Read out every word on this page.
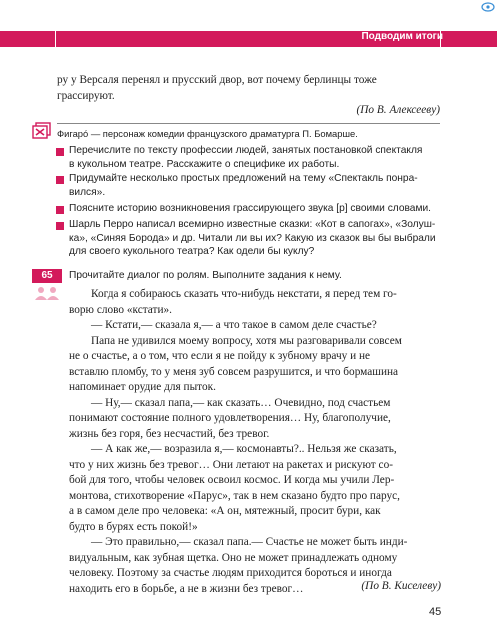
Подводим итоги
ру у Версаля перенял и прусский двор, вот почему берлинцы тоже
грассируют.
(По В. Алексееву)
Фигаро́ — персонаж комедии французского драматурга П. Бомарше.
Перечислите по тексту профессии людей, занятых постановкой спектакля
в кукольном театре. Расскажите о специфике их работы.
Придумайте несколько простых предложений на тему «Спектакль понра-
вился».
Поясните историю возникновения грассирующего звука [р] своими словами.
Шарль Перро написал всемирно известные сказки: «Кот в сапогах», «Золуш-
ка», «Синяя Борода» и др. Читали ли вы их? Какую из сказок вы бы выбрали
для своего кукольного театра? Как одели бы куклу?
65	Прочитайте диалог по ролям. Выполните задания к нему.
Когда я собираюсь сказать что-нибудь некстати, я перед тем го-
ворю слово «кстати».
— Кстати,— сказала я,— а что такое в самом деле счастье?
Папа не удивился моему вопросу, хотя мы разговаривали совсем
не о счастье, а о том, что если я не пойду к зубному врачу и не
вставлю пломбу, то у меня зуб совсем разрушится, и что бормашина
напоминает орудие для пыток.
— Ну,— сказал папа,— как сказать… Очевидно, под счастьем
понимают состояние полного удовлетворения… Ну, благополучие,
жизнь без горя, без несчастий, без тревог.
— А как же,— возразила я,— космонавты?.. Нельзя же сказать,
что у них жизнь без тревог… Они летают на ракетах и рискуют со-
бой для того, чтобы человек освоил космос. И когда мы учили Лер-
монтова, стихотворение «Парус», так в нем сказано будто про парус,
а в самом деле про человека: «А он, мятежный, просит бури, как
будто в бурях есть покой!»
— Это правильно,— сказал папа.— Счастье не может быть инди-
видуальным, как зубная щетка. Оно не может принадлежать одному
человеку. Поэтому за счастье людям приходится бороться и иногда
находить его в борьбе, а не в жизни без тревог…	(По В. Киселеву)
45
